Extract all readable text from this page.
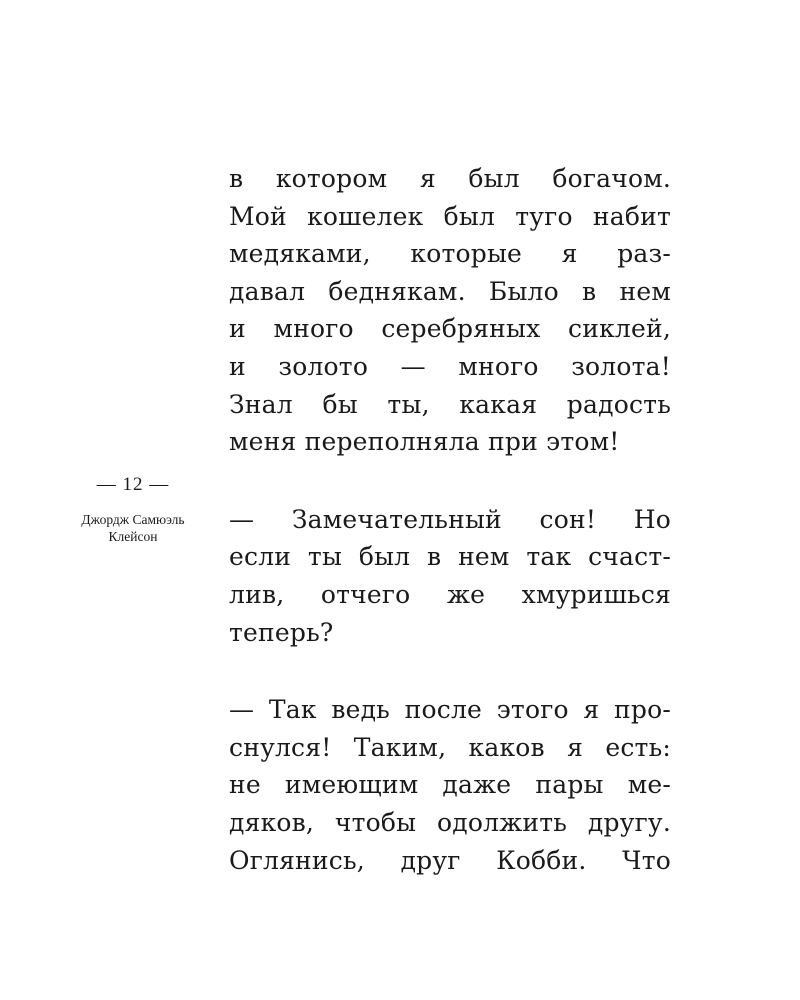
— 12 —
Джордж Самюэль
Клейсон
в котором я был богачом.
Мой кошелек был туго набит
медяками, которые я раз-
давал беднякам. Было в нем
и много серебряных сиклей,
и золото — много золота!
Знал бы ты, какая радость
меня переполняла при этом!
— Замечательный сон! Но
если ты был в нем так счаст-
лив, отчего же хмуришься
теперь?
— Так ведь после этого я про-
снулся! Таким, каков я есть:
не имеющим даже пары ме-
дяков, чтобы одолжить другу.
Оглянись, друг Кобби. Что
